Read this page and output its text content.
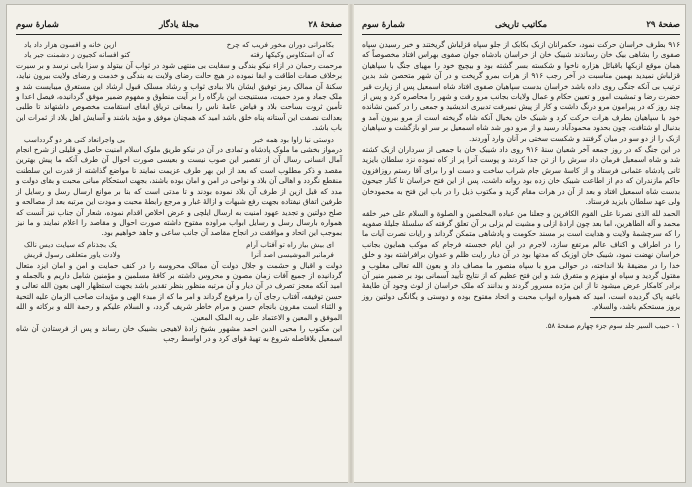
صفحهٔ ۲۸
مجلهٔ یادگار
شمارهٔ سوم
بکامرانی دوران مخور فریب که چرخ
ازین خانه و افسون هزار داد یاد
که آن استکاوس وکیکها رفته
کتو افسانه کجیون ز دشمنت جیر یاد

مرحمت رحمان در ازاء نیکو بندگی و سقایت بی منتهی شود در ثواب آن بیتولد و سزا یابی نرسد و بر سیرت برخلاف صفات اطاقت و ابقا نموده در هیچ حالت رضای ولایت به بندگی و خدمت و رضای ولایت بیرون نیاید، سکنهٔ آن ممالک رمز توفیق ایشان بالا ببادی ثواب و رشاد مسلک قبول ارشاد این مستغرق میبایست شد و ملک جماد و مرد حمیت، مستنیجت این بارگاه را بر آیت منطوق و مفهوم ضمیر موفق گردانیده، فیصل اعدا و تأمین ثروت بساحت بلاد و فیاض عامهٔ ناس را بمعانی تریاق ابقای استقامت مخصوص داشتهاند تا طلبی بعدالت نصفت این آستانه پناه خلق باشد امید که همچنان موفق و مؤید باشند و آسایش اهل بلاد از ثمرات این باب باشد.

دوستی نیا زاوا بود همه خبر
بی واجرانعاد کنی هر دو گردداسب

درمواز بخشی ما ملوک پادشاه و تمادی در آن در نیکو طریق ملوک اسلام امنیت حاصل و قلیلی از شرح انجام آمال انسانی رسال آن از تقصیر این صوب نیست و بعیسی صورت احوال آن طرف آنکه ما پیش بهترین مقصد و ذکر مطلوب است که بعد از این بهر طرف عزیمت نمایند تا مواضع گذاشته از قدرت این سلطنت منقطع نگردد و اهالی آن بلاد و نواحی در امن و امان بوده باشند، بجهت استحکام مبانی محبت و بقای دولت و مدد که قبل ازین از طرف آن بلاد نموده بودند و تا مدتی است که بنا بر موانع ارسال رسل و رسایل از طرفین اتفاق نیفتاده بجهت رفع شبهات و ازالهٔ غبار و مرجع رابطهٔ محبت و مودت این مرتبه بعد از مصالحه و صلح دولتین و تجدید عهود امنیت به ارسال ایلچی و عرض اخلاص اقدام نموده، شعار آن جناب نیز آنست که همواره بارسال رسل و رسایل ابواب مراوده مفتوح داشته صورت احوال و مقاصد را اعلام نمایند و ما نیز بموجب این اتحاد و موافقت در انجاح مقاصد آن جانب ساعی و جاهد خواهیم بود.

ای بیش بیاز راه تو آفتاب آرام
یک بجذنام که سیایت دیس نالک
فرمانبر الموشیسی اصد آنرا
ولادت یاور متعلقی رسول قریش

دولت و اقبال و حشمت و جلال دولت آن ممالک محروسه را در کنف حمایت و امن و امان ایزد متعال گردانیده از جمیع آفات زمان مصون و محروس داشته بر کافهٔ مسلمین و مؤمنین شامل داریم و بالجمله و امید آنکه معجز تصرف در آن دیار و آن مرتبه منظور بنظر تقدیر باشد بجهت استظهار الهی بعون الله تعالی و حسن توفیقه، آفتاب رجای آن را مرفوع گرداند و امر ما که از مبدء الهی و مؤیدات صاحب الزمان علیه التحیة و الثناء است مقرون بانجام حسن و مرام خاطر شریف گردد، و السلام علیکم و رحمة الله و برکاته و الله الموفق و المعین و الاعتماد علی ربه الملک المعین.

این مکتوب را محیی الدین احمد مشهور بشیخ زادهٔ لاهیجی بشیبک خان رساند و پس از فرستادن آن شاه اسمعیل بلافاصله شروع به تهیهٔ قوای کرد و در اواسط رجب

صفحهٔ ۲۹
مکاتیب تاریخی
شمارهٔ سوم

۹۱۶ بطرف خراسان حرکت نمود، حکمرانان ازبک بکابک از جلو سپاه قزلباش گریختند و خبر رسیدن سپاه صفوی را بشاهی بیک خان رساندند شیبک خان از خراسان بادشاه جوان صفوی بهراس افتاد مخصوصاً که همان موقع ازبکها باقبائل هزاره ناخوا و شکسته بسر گشته بود و بیچیچ خود را مهیای جنگ با سپاهیان قزلباش نمیدید بهمین مناسبت در آخر رجب ۹۱۶ از هرات بمرو گریخت و در آن شهر متحصن شد بدین ترتیب بی آنکه جنگی روی داده باشد خراسان بدست سپاهیان صفوی افتاد شاه اسمعیل پس از زیارت قبر حضرت رضا و تمشیت امور و تعیین حکام و عمال ولایات بجانب مرو رفت و شهر را محاصره کرد و پس از چند روز که در پیرامون مرو درنگ داشت و کار از پیش نمیرفت تدبیری اندیشید و جمعی را در کمین نشانده خود با سپاهیان بطرف هرات حرکت کرد و شیبک خان بخیال آنکه شاه گریخته است از مرو بیرون آمد و بدنبال او شتافت، چون بحدود محمودآباد رسید و از مرو دور شد شاه اسمعیل بر سر او بازگشت و سپاهیان ازبک را از دو سو در میان گرفتند و شکست سختی بر آنان وارد آوردند.

در این جنگ که در روز جمعه آخر شعبان سنهٔ ۹۱۶ روی داد شیبک خان با جمعی از سرداران ازبک کشته شد و شاه اسمعیل فرمان داد سرش را از تن جدا کردند و پوست آنرا پر از کاه نموده نزد سلطان بایزید ثانی پادشاه عثمانی فرستاد و از کاسهٔ سرش جام شراب ساخت و دست او را برای آقا رستم روزافزون حاکم مازندران که دم از اطاعت شیبک خان زده بود روانه داشت، پس از این فتح خراسان تا کنار جیحون بدست شاه اسمعیل افتاد و بعد از آن در هرات مقام گزید و مکتوب ذیل را در باب این فتح به محمودخان ولی عهد سلطان بایزید فرستاد.

الحمد لله الذی نصرنا علی القوم الکافرین و جعلنا من عباده المخلصین و الصلوة و السلام علی خیر خلقه محمد و آله الطاهرین، اما بعد چون ارادهٔ ازلی و مشیت لم یزلی بر آن تعلق گرفته که سلسلهٔ جلیلهٔ صفویه را که سرچشمهٔ ولایت و هدایت است بر مسند حکومت و پادشاهی متمکن گرداند و رایات نصرت آیات ما را در اطراف و اکناف عالم مرتفع سازد، لاجرم در این ایام خجسته فرجام که موکب همایون بجانب خراسان نهضت نمود، شیبک خان اوزبک که مدتها بود در آن دیار رایت ظلم و عدوان برافراشته بود و خلق خدا را در مضیقهٔ بلا انداخته، در حوالی مرو با سپاه منصور ما مصاف داد و بعون الله تعالی مغلوب و مقتول گردید و سپاه او منهزم و متفرق شد و این فتح عظیم که از نتایج تأیید آسمانی بود بر ضمیر منیر آن برادر کامکار عرض میشود تا از این مژده مسرور گردند و بدانند که ملک خراسان از لوث وجود آن طایفهٔ باغیه پاک گردیده است، امید که همواره ابواب محبت و اتحاد مفتوح بوده و دوستی و یگانگی دولتین روز بروز مستحکم باشد، والسلام.

۱ - حبیب السیر جلد سوم جزء چهارم صفحهٔ ۵۸.
